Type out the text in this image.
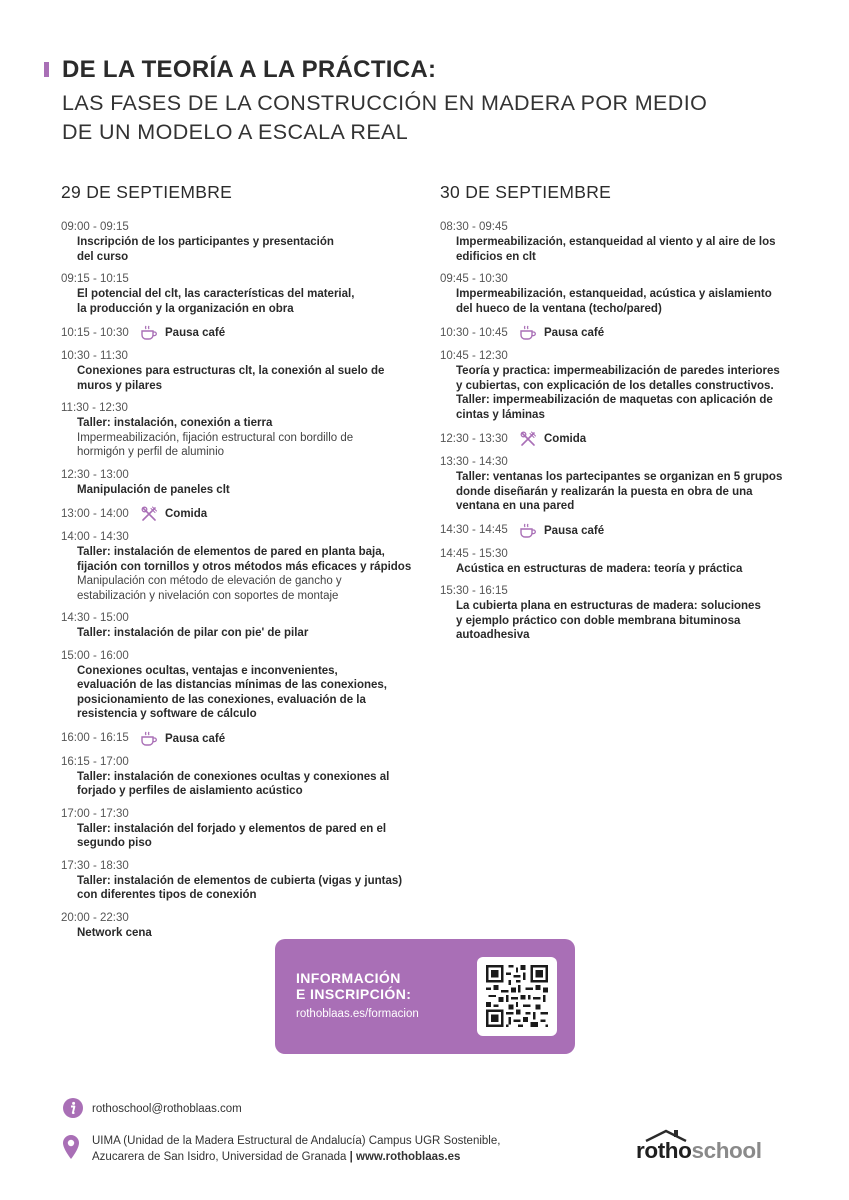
DE LA TEORÍA A LA PRÁCTICA:
LAS FASES DE LA CONSTRUCCIÓN EN MADERA POR MEDIO
DE UN MODELO A ESCALA REAL
29 DE SEPTIEMBRE
09:00 - 09:15
Inscripción de los participantes y presentación
del curso
09:15 - 10:15
El potencial del clt, las características del material,
la producción y la organización en obra
10:15 - 10:30	Pausa café
10:30 - 11:30
Conexiones para estructuras clt, la conexión al suelo de
muros y pilares
11:30 - 12:30
Taller: instalación, conexión a tierra
Impermeabilización, fijación estructural con bordillo de
hormigón y perfil de aluminio
12:30 - 13:00
Manipulación de paneles clt
13:00 - 14:00	Comida
14:00 - 14:30
Taller: instalación de elementos de pared en planta baja,
fijación con tornillos y otros métodos más eficaces y rápidos
Manipulación con método de elevación de gancho y
estabilización y nivelación con soportes de montaje
14:30 - 15:00
Taller: instalación de pilar con pie' de pilar
15:00 - 16:00
Conexiones ocultas, ventajas e inconvenientes,
evaluación de las distancias mínimas de las conexiones,
posicionamiento de las conexiones, evaluación de la
resistencia y software de cálculo
16:00 - 16:15	Pausa café
16:15 - 17:00
Taller: instalación de conexiones ocultas y conexiones al
forjado y perfiles de aislamiento acústico
17:00 - 17:30
Taller: instalación del forjado y elementos de pared en el
segundo piso
17:30 - 18:30
Taller: instalación de elementos de cubierta (vigas y juntas)
con diferentes tipos de conexión
20:00 - 22:30
Network cena
30 DE SEPTIEMBRE
08:30 - 09:45
Impermeabilización, estanqueidad al viento y al aire de los
edificios en clt
09:45 - 10:30
Impermeabilización, estanqueidad, acústica y aislamiento
del hueco de la ventana (techo/pared)
10:30 - 10:45	Pausa café
10:45 - 12:30
Teoría y practica: impermeabilización de paredes interiores
y cubiertas, con explicación de los detalles constructivos.
Taller: impermeabilización de maquetas con aplicación de
cintas y láminas
12:30 - 13:30	Comida
13:30 - 14:30
Taller: ventanas los partecipantes se organizan en 5 grupos
donde diseñarán y realizarán la puesta en obra de una
ventana en una pared
14:30 - 14:45	Pausa café
14:45 - 15:30
Acústica en estructuras de madera: teoría y práctica
15:30 - 16:15
La cubierta plana en estructuras de madera: soluciones
y ejemplo práctico con doble membrana bituminosa
autoadhesiva
INFORMACIÓN
E INSCRIPCIÓN:
rothoblaas.es/formacion
rothoschool@rothoblaas.com
UIMA (Unidad de la Madera Estructural de Andalucía) Campus UGR Sostenible,
Azucarera de San Isidro, Universidad de Granada | www.rothoblaas.es	rothoschool
